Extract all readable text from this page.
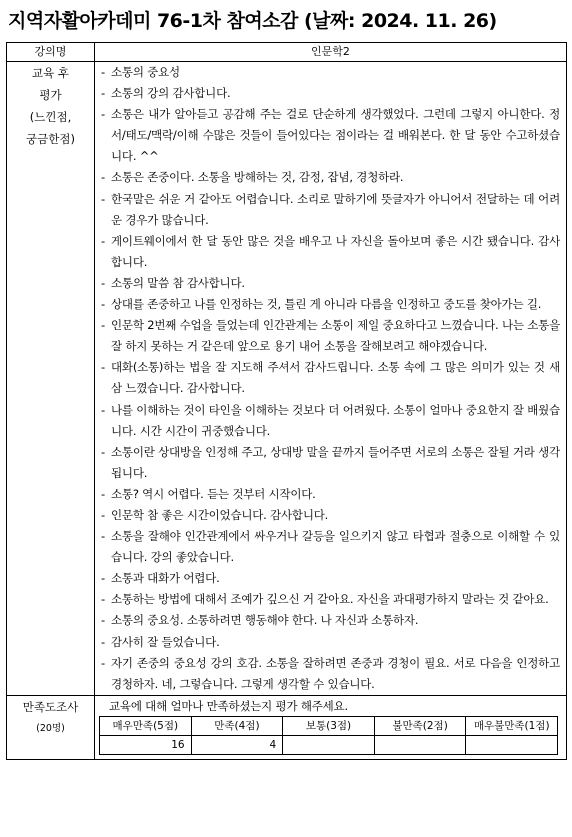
지역자활아카데미 76-1차 참여소감 (날짜: 2024. 11. 26)
강의명	인문학2

교육 후
평가
(느낀점,
궁금한점)

- 소통의 중요성
- 소통의 강의 감사합니다.
- 소통은 내가 알아듣고 공감해 주는 걸로 단순하게 생각했었다. 그런데 그렇지 아니한다. 정서/태도/맥락/이해 수많은 것들이 들어있다는 점이라는 걸 배워본다. 한 달 동안 수고하셨습니다. ^^
- 소통은 존중이다. 소통을 방해하는 것, 감정, 잡념, 경청하라.
- 한국말은 쉬운 거 같아도 어렵습니다. 소리로 말하기에 뜻글자가 아니어서 전달하는 데 어려운 경우가 많습니다.
- 게이트웨이에서 한 달 동안 많은 것을 배우고 나 자신을 돌아보며 좋은 시간 됐습니다. 감사합니다.
- 소통의 말씀 참 감사합니다.
- 상대를 존중하고 나를 인정하는 것, 틀린 게 아니라 다름을 인정하고 중도를 찾아가는 길.
- 인문학 2번째 수업을 들었는데 인간관계는 소통이 제일 중요하다고 느꼈습니다. 나는 소통을 잘 하지 못하는 거 같은데 앞으로 용기 내어 소통을 잘해보려고 해야겠습니다.
- 대화(소통)하는 법을 잘 지도해 주셔서 감사드립니다. 소통 속에 그 많은 의미가 있는 것 새삼 느꼈습니다. 감사합니다.
- 나를 이해하는 것이 타인을 이해하는 것보다 더 어려웠다. 소통이 얼마나 중요한지 잘 배웠습니다. 시간 시간이 귀중했습니다.
- 소통이란 상대방을 인정해 주고, 상대방 말을 끝까지 들어주면 서로의 소통은 잘될 거라 생각됩니다.
- 소통? 역시 어렵다. 듣는 것부터 시작이다.
- 인문학 참 좋은 시간이었습니다. 감사합니다.
- 소통을 잘해야 인간관계에서 싸우거나 갈등을 일으키지 않고 타협과 절충으로 이해할 수 있습니다. 강의 좋았습니다.
- 소통과 대화가 어렵다.
- 소통하는 방법에 대해서 조예가 깊으신 거 같아요. 자신을 과대평가하지 말라는 것 같아요.
- 소통의 중요성. 소통하려면 행동해야 한다. 나 자신과 소통하자.
- 감사히 잘 들었습니다.
- 자기 존중의 중요성 강의 호감. 소통을 잘하려면 존중과 경청이 필요. 서로 다음을 인정하고 경청하자. 네, 그렇습니다. 그렇게 생각할 수 있습니다.

만족도조사
(20명)

교육에 대해 얼마나 만족하셨는지 평가 해주세요.
매우만족(5점)	만족(4점)	보통(3점)	불만족(2점)	매우불만족(1점)
16	4			
